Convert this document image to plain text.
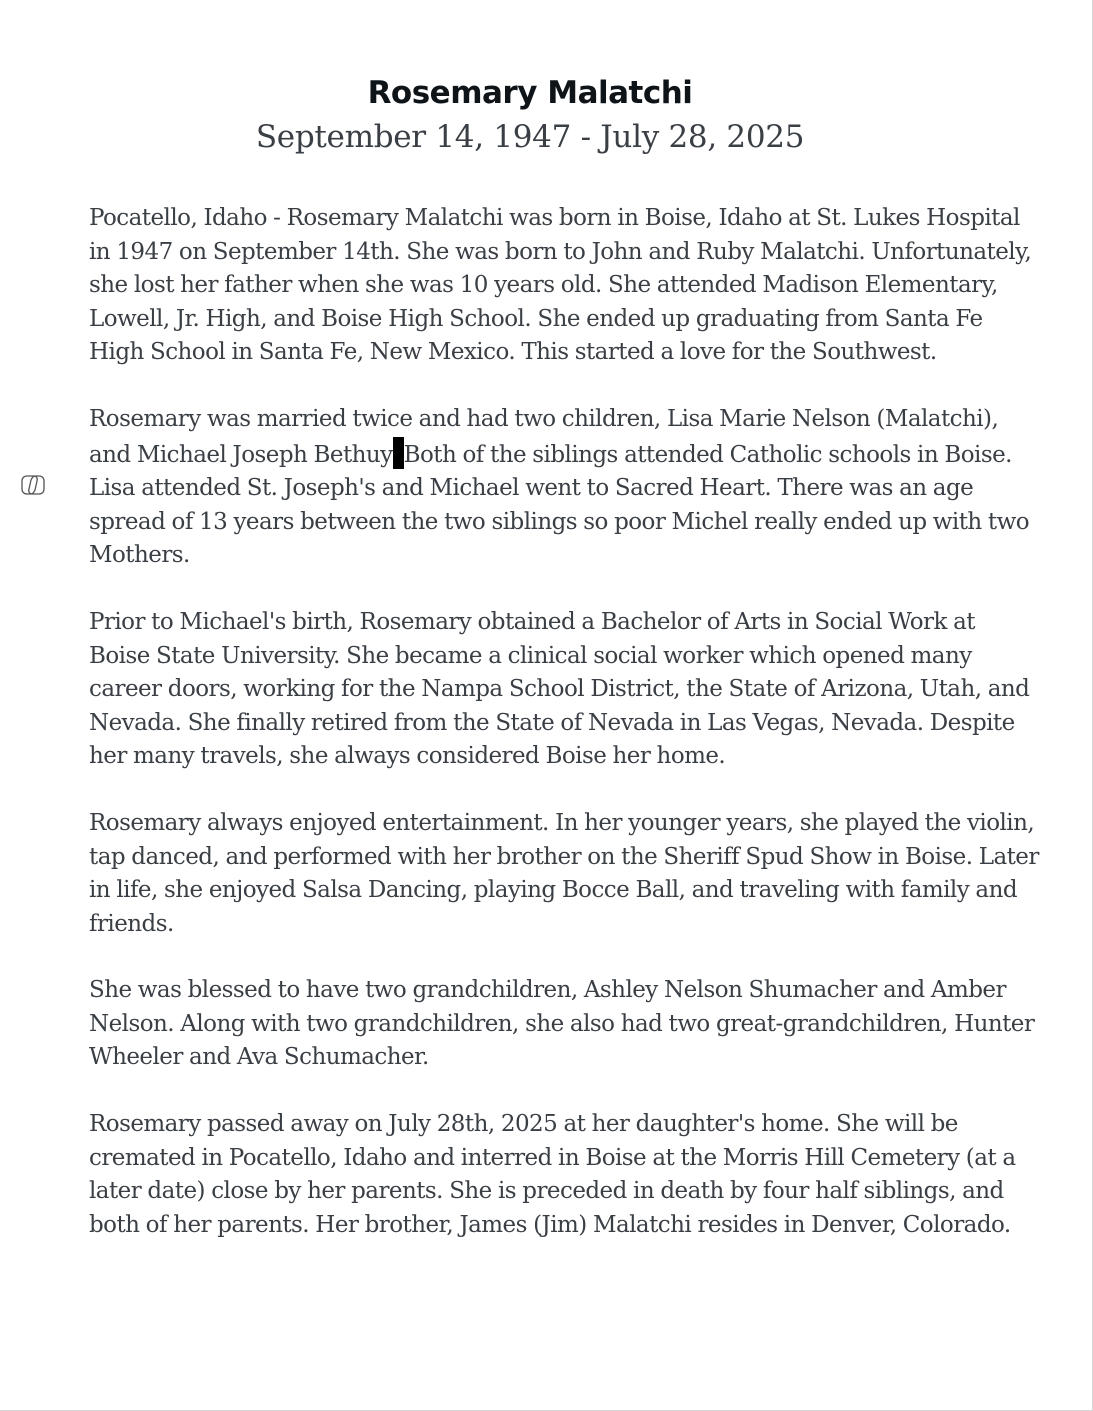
Rosemary Malatchi
September 14, 1947 - July 28, 2025

Pocatello, Idaho - Rosemary Malatchi was born in Boise, Idaho at St. Lukes Hospital in 1947 on September 14th. She was born to John and Ruby Malatchi. Unfortunately, she lost her father when she was 10 years old. She attended Madison Elementary, Lowell, Jr. High, and Boise High School. She ended up graduating from Santa Fe High School in Santa Fe, New Mexico. This started a love for the Southwest.

Rosemary was married twice and had two children, Lisa Marie Nelson (Malatchi), and Michael Joseph Bethuy Both of the siblings attended Catholic schools in Boise. Lisa attended St. Joseph's and Michael went to Sacred Heart. There was an age spread of 13 years between the two siblings so poor Michel really ended up with two Mothers.

Prior to Michael's birth, Rosemary obtained a Bachelor of Arts in Social Work at Boise State University. She became a clinical social worker which opened many career doors, working for the Nampa School District, the State of Arizona, Utah, and Nevada. She finally retired from the State of Nevada in Las Vegas, Nevada. Despite her many travels, she always considered Boise her home.

Rosemary always enjoyed entertainment. In her younger years, she played the violin, tap danced, and performed with her brother on the Sheriff Spud Show in Boise. Later in life, she enjoyed Salsa Dancing, playing Bocce Ball, and traveling with family and friends.

She was blessed to have two grandchildren, Ashley Nelson Shumacher and Amber Nelson. Along with two grandchildren, she also had two great-grandchildren, Hunter Wheeler and Ava Schumacher.

Rosemary passed away on July 28th, 2025 at her daughter's home. She will be cremated in Pocatello, Idaho and interred in Boise at the Morris Hill Cemetery (at a later date) close by her parents. She is preceded in death by four half siblings, and both of her parents. Her brother, James (Jim) Malatchi resides in Denver, Colorado.
